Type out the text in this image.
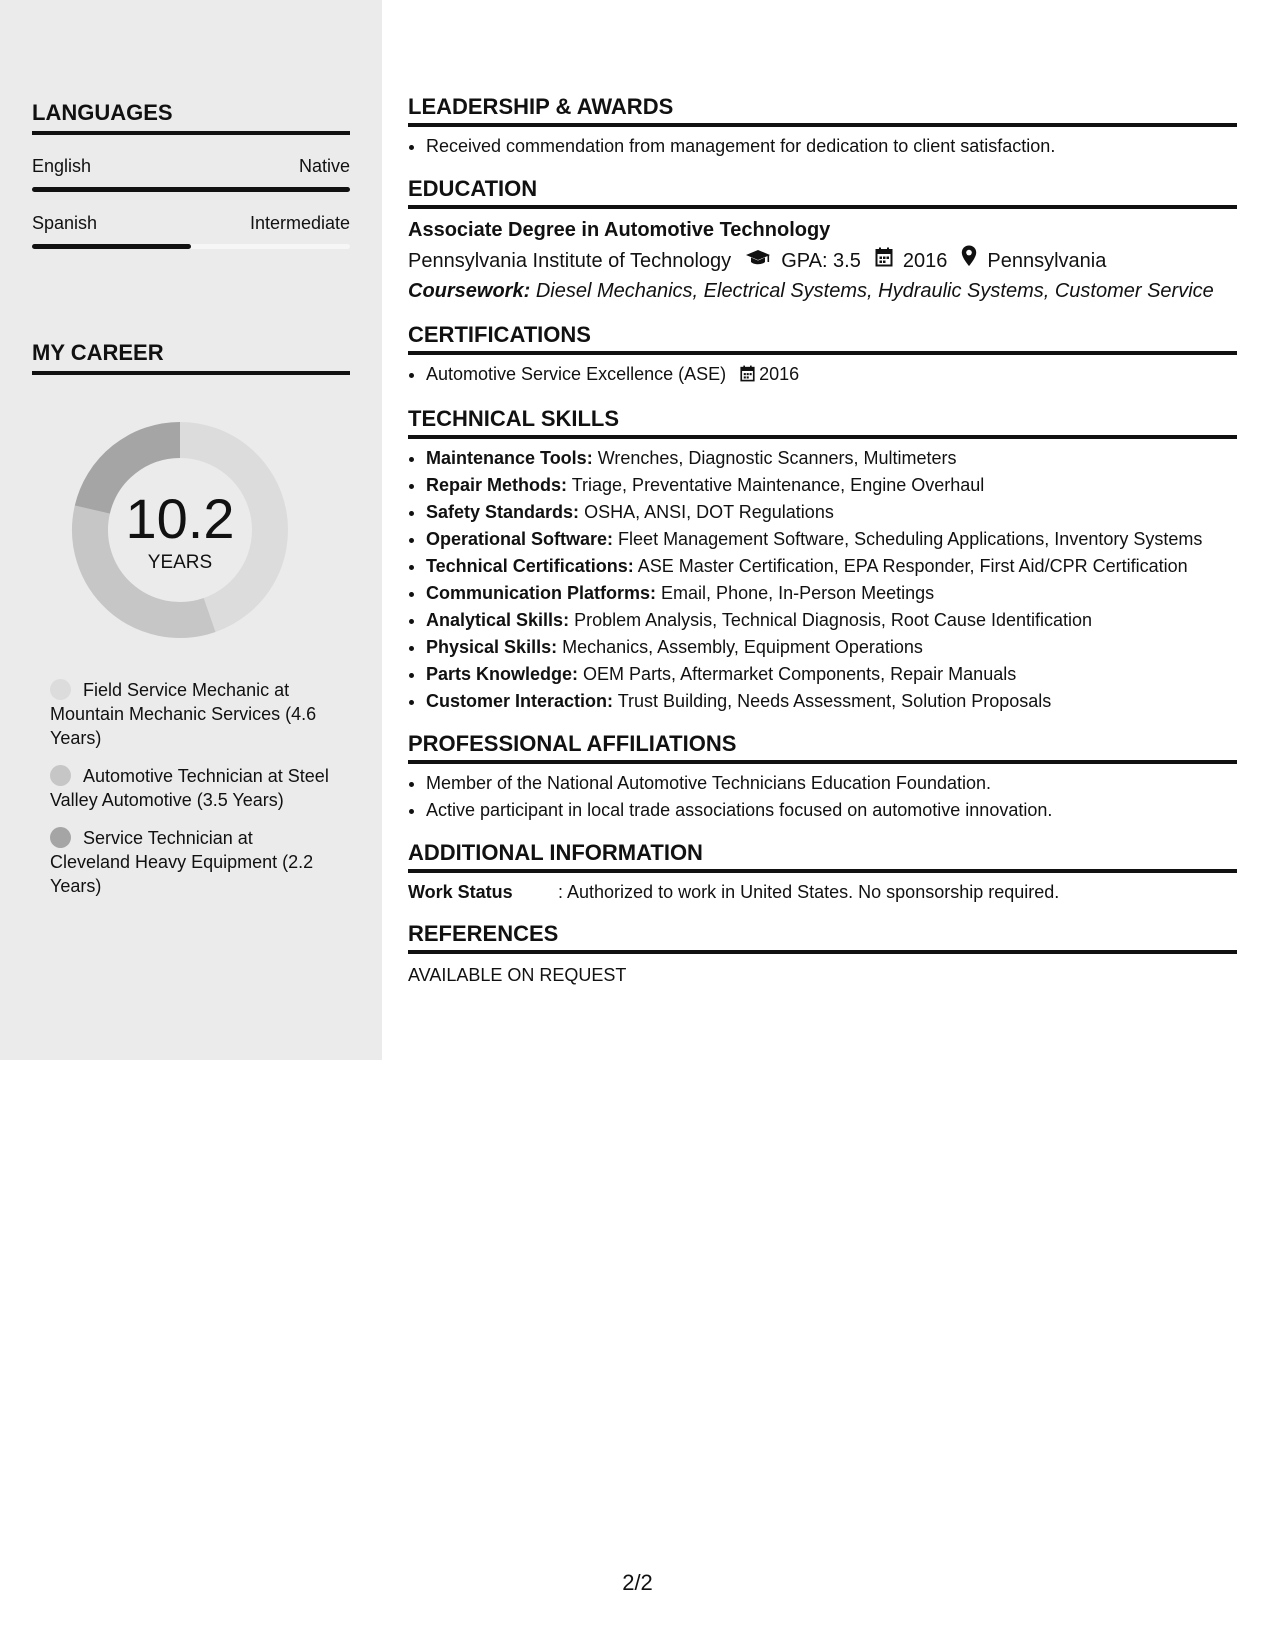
LANGUAGES
English	Native
Spanish	Intermediate
MY CAREER
10.2
YEARS
Field Service Mechanic at Mountain Mechanic Services (4.6 Years)
Automotive Technician at Steel Valley Automotive (3.5 Years)
Service Technician at Cleveland Heavy Equipment (2.2 Years)
LEADERSHIP & AWARDS
• Received commendation from management for dedication to client satisfaction.
EDUCATION
Associate Degree in Automotive Technology
Pennsylvania Institute of Technology	GPA: 3.5 2016 Pennsylvania
Coursework: Diesel Mechanics, Electrical Systems, Hydraulic Systems, Customer Service
CERTIFICATIONS
• Automotive Service Excellence (ASE) 2016
TECHNICAL SKILLS
• Maintenance Tools: Wrenches, Diagnostic Scanners, Multimeters
• Repair Methods: Triage, Preventative Maintenance, Engine Overhaul
• Safety Standards: OSHA, ANSI, DOT Regulations
• Operational Software: Fleet Management Software, Scheduling Applications, Inventory Systems
• Technical Certifications: ASE Master Certification, EPA Responder, First Aid/CPR Certification
• Communication Platforms: Email, Phone, In-Person Meetings
• Analytical Skills: Problem Analysis, Technical Diagnosis, Root Cause Identification
• Physical Skills: Mechanics, Assembly, Equipment Operations
• Parts Knowledge: OEM Parts, Aftermarket Components, Repair Manuals
• Customer Interaction: Trust Building, Needs Assessment, Solution Proposals
PROFESSIONAL AFFILIATIONS
• Member of the National Automotive Technicians Education Foundation.
• Active participant in local trade associations focused on automotive innovation.
ADDITIONAL INFORMATION
Work Status	: Authorized to work in United States. No sponsorship required.
REFERENCES
AVAILABLE ON REQUEST
2/2
